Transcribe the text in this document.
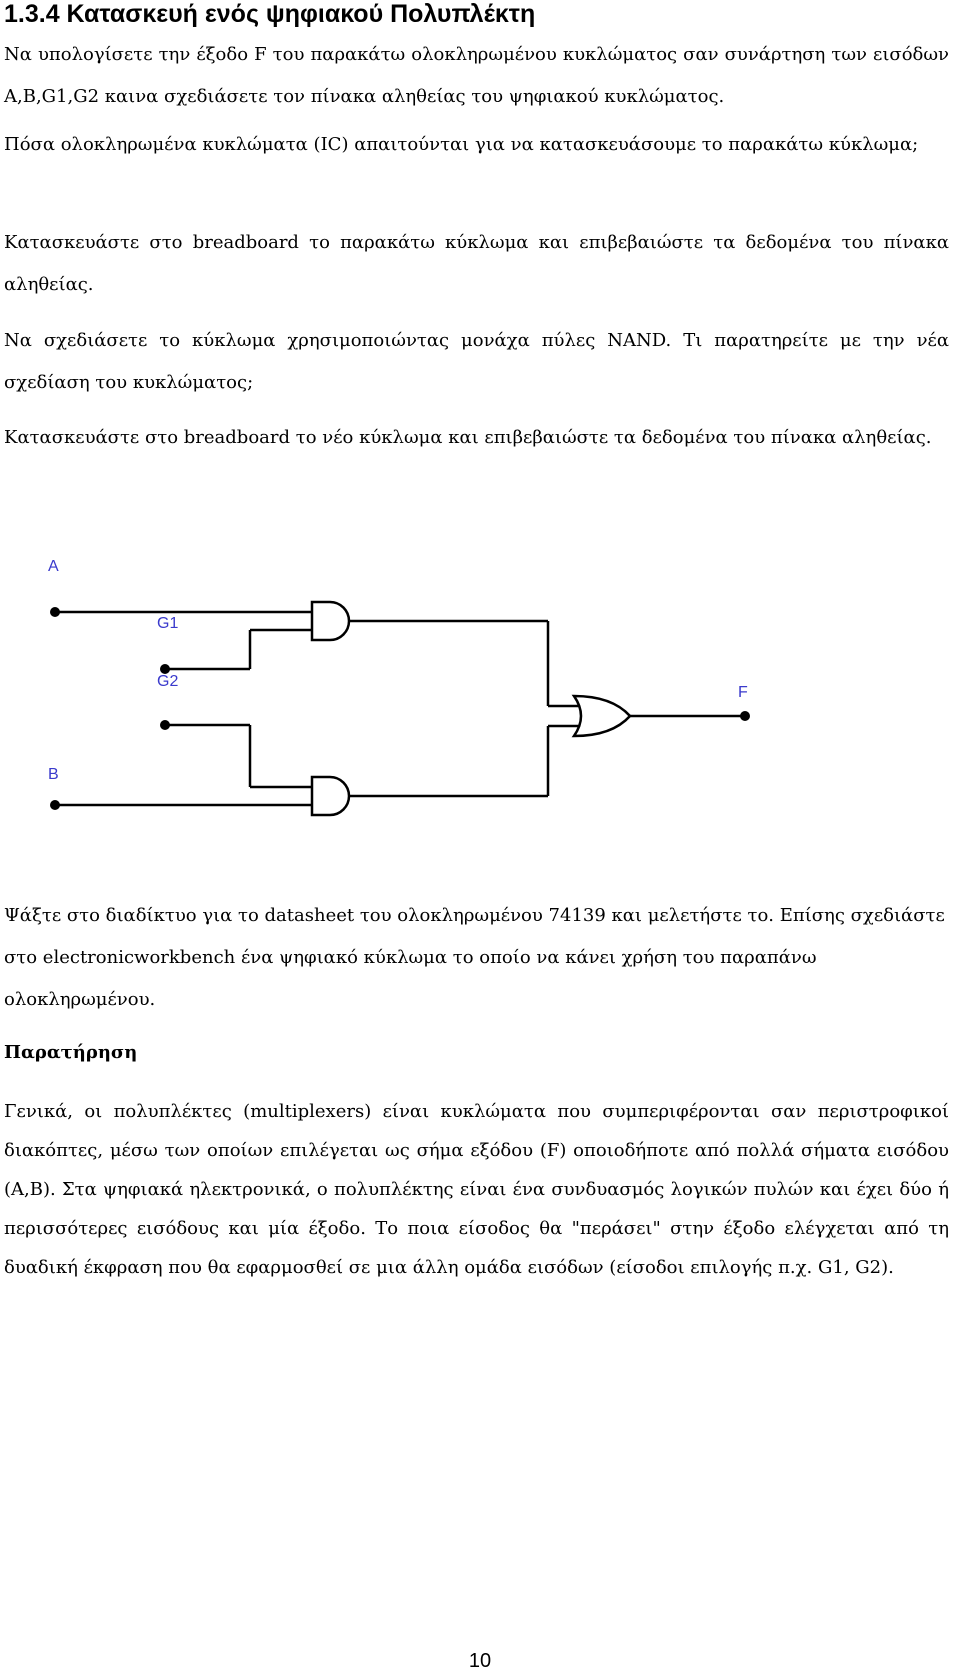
1.3.4 Κατασκευή ενός ψηφιακού Πολυπλέκτη

Να υπολογίσετε την έξοδο F του παρακάτω ολοκληρωμένου κυκλώματος σαν συνάρτηση των εισόδων A,B,G1,G2 καινα σχεδιάσετε τον πίνακα αληθείας του ψηφιακού κυκλώματος.

Πόσα ολοκληρωμένα κυκλώματα (IC) απαιτούνται για να κατασκευάσουμε το παρακάτω κύκλωμα;

Κατασκευάστε στο breadboard το παρακάτω κύκλωμα και επιβεβαιώστε τα δεδομένα του πίνακα αληθείας.

Να σχεδιάσετε το κύκλωμα χρησιμοποιώντας μονάχα πύλες NAND. Τι παρατηρείτε με την νέα σχεδίαση του κυκλώματος;

Κατασκευάστε στο breadboard το νέο κύκλωμα και επιβεβαιώστε τα δεδομένα του πίνακα αληθείας.

A
G1
G2
B
F

Ψάξτε στο διαδίκτυο για το datasheet του ολοκληρωμένου 74139 και μελετήστε το. Επίσης σχεδιάστε στο electronicworkbench ένα ψηφιακό κύκλωμα το οποίο να κάνει χρήση του παραπάνω ολοκληρωμένου.

Παρατήρηση

Γενικά, οι πολυπλέκτες (multiplexers) είναι κυκλώματα που συμπεριφέρονται σαν περιστροφικοί διακόπτες, μέσω των οποίων επιλέγεται ως σήμα εξόδου (F) οποιοδήποτε από πολλά σήματα εισόδου (A,B). Στα ψηφιακά ηλεκτρονικά, ο πολυπλέκτης είναι ένα συνδυασμός λογικών πυλών και έχει δύο ή περισσότερες εισόδους και μία έξοδο. Το ποια είσοδος θα "περάσει" στην έξοδο ελέγχεται από τη δυαδική έκφραση που θα εφαρμοσθεί σε μια άλλη ομάδα εισόδων (είσοδοι επιλογής π.χ. G1, G2).

10
